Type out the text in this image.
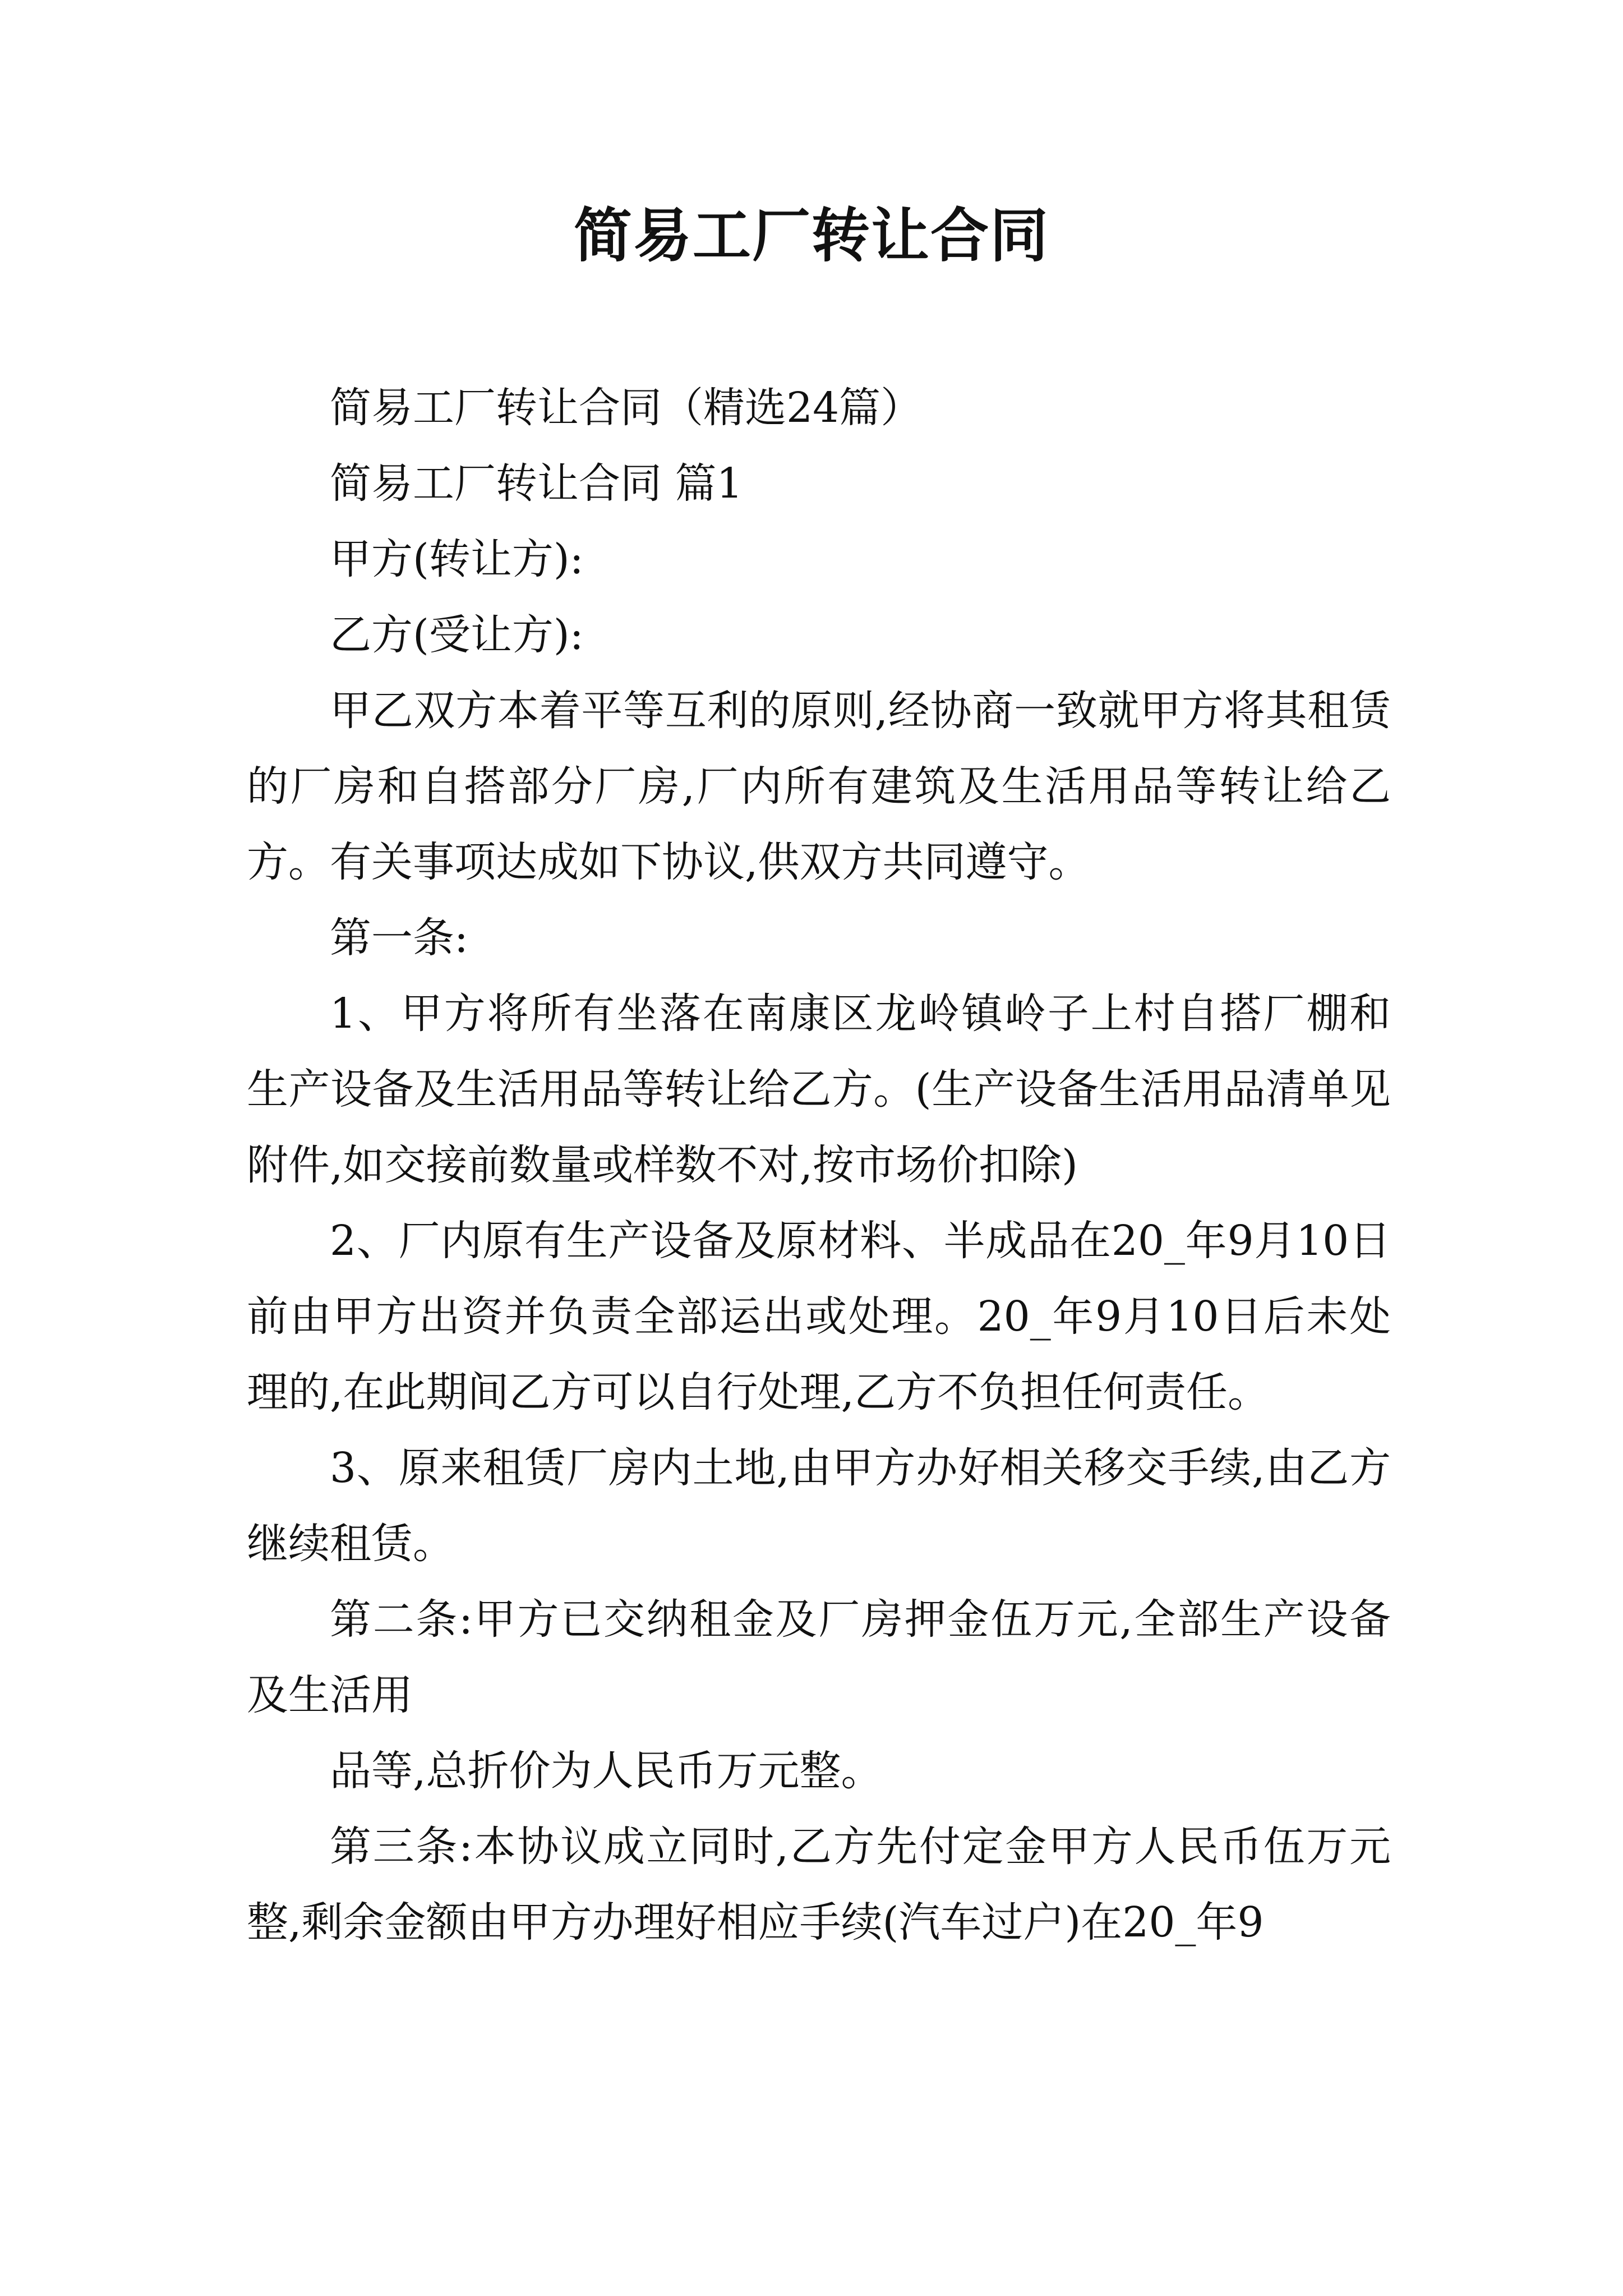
简易工厂转让合同

简易工厂转让合同（精选24篇）

简易工厂转让合同 篇1

甲方(转让方):

乙方(受让方):

甲乙双方本着平等互利的原则,经协商一致就甲方将其租赁的厂房和自搭部分厂房,厂内所有建筑及生活用品等转让给乙方。有关事项达成如下协议,供双方共同遵守。

第一条:

1、甲方将所有坐落在南康区龙岭镇岭子上村自搭厂棚和生产设备及生活用品等转让给乙方。(生产设备生活用品清单见附件,如交接前数量或样数不对,按市场价扣除)

2、厂内原有生产设备及原材料、半成品在20_年9月10日前由甲方出资并负责全部运出或处理。20_年9月10日后未处理的,在此期间乙方可以自行处理,乙方不负担任何责任。

3、原来租赁厂房内土地,由甲方办好相关移交手续,由乙方继续租赁。

第二条:甲方已交纳租金及厂房押金伍万元,全部生产设备及生活用

品等,总折价为人民币万元整。

第三条:本协议成立同时,乙方先付定金甲方人民币伍万元整,剩余金额由甲方办理好相应手续(汽车过户)在20_年9
